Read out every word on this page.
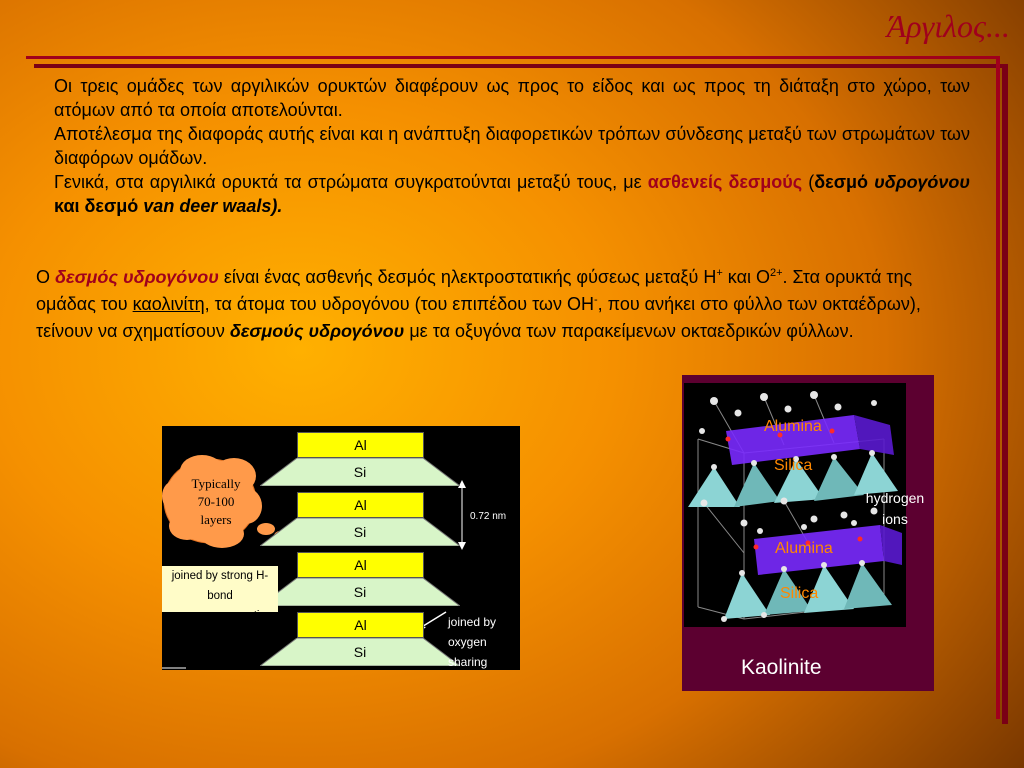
Άργιλος...

Οι τρεις ομάδες των αργιλικών ορυκτών διαφέρουν ως προς το είδος και ως προς τη διάταξη στο χώρο, των ατόμων από τα οποία αποτελούνται.

Αποτέλεσμα της διαφοράς αυτής είναι και η ανάπτυξη διαφορετικών τρόπων σύνδεσης μεταξύ των στρωμάτων των διαφόρων ομάδων.

Γενικά, στα αργιλικά ορυκτά τα στρώματα συγκρατούνται μεταξύ τους, με ασθενείς δεσμούς (δεσμό υδρογόνου και δεσμό van deer waals).

Ο δεσμός υδρογόνου είναι ένας ασθενής δεσμός ηλεκτροστατικής φύσεως μεταξύ Η+ και $O^{2+}$. Στα ορυκτά της ομάδας του καολινίτη, τα άτομα του υδρογόνου (του επιπέδου των ΟΗ-, που ανήκει στο φύλλο των οκταέδρων), τείνουν να σχηματίσουν δεσμούς υδρογόνου με τα οξυγόνα των παρακείμενων οκταεδρικών φύλλων.
Typically
70-100
layers
Al
Si
Al
Si
Al
Si
Al
Si
joined by strong H-bond
∴no easy separation
0.72 nm
joined by oxygen
sharing
Alumina
Silica
Alumina
Silica
hydrogen
ions
Kaolinite
